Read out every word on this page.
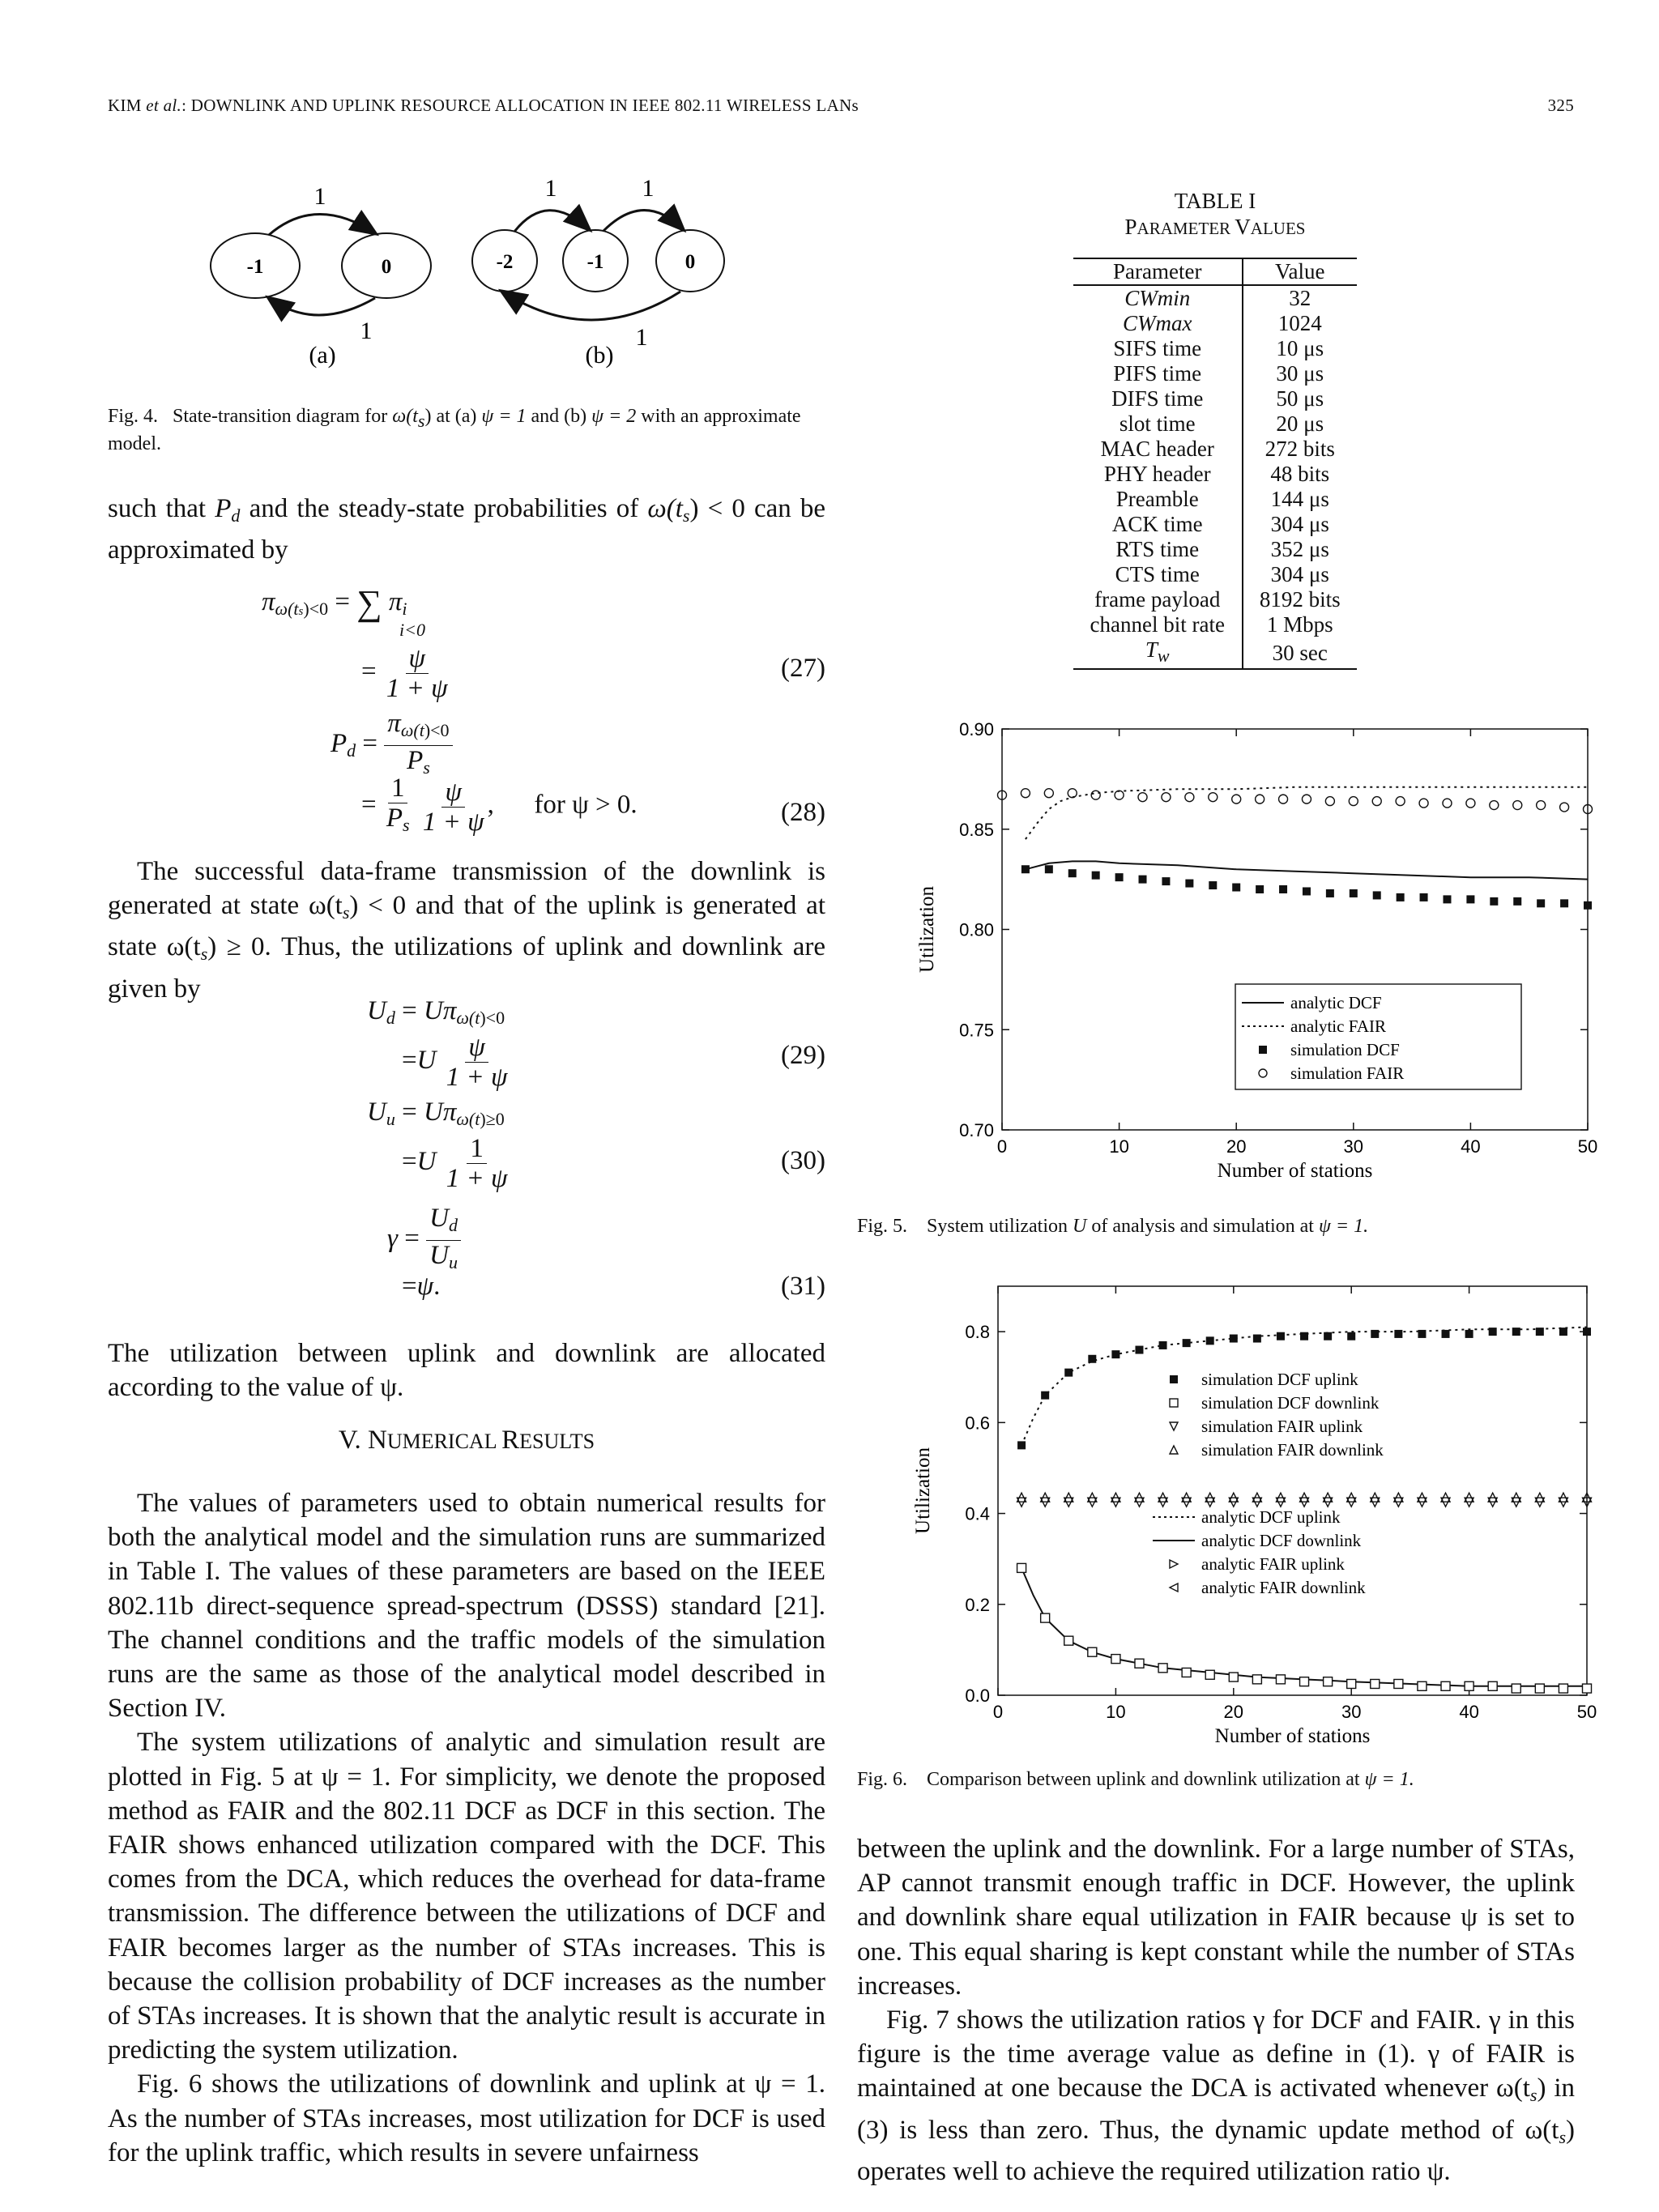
KIM et al.: DOWNLINK AND UPLINK RESOURCE ALLOCATION IN IEEE 802.11 WIRELESS LANs	325
-1	0
1
1
(a)
-2	-1	0
1	1
1
(b)
Fig. 4. State-transition diagram for ω(ts) at (a) ψ = 1 and (b) ψ = 2 with an approximate model.

such that $P_d$ and the steady-state probabilities of $\omega(t_s) < 0$ can be approximated by

$\pi_{\omega(ts)<0}$ = ∑ $\pi_i$
i<0
= $\frac{\psi}{1 + \psi}$	(27)
$P_d = \frac{\pi_{\omega(t)<0}}{P_s}$
= $\frac{1}{P_s}$
$\frac{\psi}{1 + \psi}$ , for ψ > 0.	(28)

The successful data-frame transmission of the downlink is generated at state $\omega(t_s) < 0$ and that of the uplink is generated at state $\omega(t_s) \ge 0$. Thus, the utilizations of uplink and downlink are given by

$U_d = U\pi_{\omega(t)<0}$
$=U \frac{\psi}{1 + \psi}$	(29)
$U_u = U\pi_{\omega(t)\ge 0}$
$=U \frac{1}{1 + \psi}$	(30)
$\gamma = \frac{U_d}{U_u}$
=ψ.	(31)

The utilization between uplink and downlink are allocated according to the value of ψ.

V. NUMERICAL RESULTS

The values of parameters used to obtain numerical results for both the analytical model and the simulation runs are summarized in Table I. The values of these parameters are based on the IEEE 802.11b direct-sequence spread-spectrum (DSSS) standard [21]. The channel conditions and the traffic models of the simulation runs are the same as those of the analytical model described in Section IV.

The system utilizations of analytic and simulation result are plotted in Fig. 5 at ψ = 1. For simplicity, we denote the proposed method as FAIR and the 802.11 DCF as DCF in this section. The FAIR shows enhanced utilization compared with the DCF. This comes from the DCA, which reduces the overhead for data-frame transmission. The difference between the utilizations of DCF and FAIR becomes larger as the number of STAs increases. This is because the collision probability of DCF increases as the number of STAs increases. It is shown that the analytic result is accurate in predicting the system utilization.

Fig. 6 shows the utilizations of downlink and uplink at ψ = 1. As the number of STAs increases, most utilization for DCF is used for the uplink traffic, which results in severe unfairness

TABLE I
PARAMETER VALUES
Parameter	Value
CWmin	32
CWmax	1024
SIFS time	10 μs
PIFS time	30 μs
DIFS time	50 μs
slot time	20 μs
MAC header	272 bits
PHY header	48 bits
Preamble	144 μs
ACK time	304 μs
RTS time	352 μs
CTS time	304 μs
frame payload	8192 bits
channel bit rate	1 Mbps
$T_w$	30 sec
0	10	20	30	40	50
0.70
0.75
0.80
0.85
0.90
Number of stations
Utilization
analytic DCF
analytic FAIR
simulation DCF
simulation FAIR
Fig. 5. System utilization U of analysis and simulation at ψ = 1.
0	10	20	30	40	50
0.0
0.2
0.4
0.6
0.8
Number of stations
Utilization
simulation DCF uplink
simulation DCF downlink
simulation FAIR uplink
simulation FAIR downlink
analytic DCF uplink
analytic DCF downlink
analytic FAIR uplink
analytic FAIR downlink
Fig. 6. Comparison between uplink and downlink utilization at ψ = 1.

between the uplink and the downlink. For a large number of STAs, AP cannot transmit enough traffic in DCF. However, the uplink and downlink share equal utilization in FAIR because ψ is set to one. This equal sharing is kept constant while the number of STAs increases.

Fig. 7 shows the utilization ratios γ for DCF and FAIR. γ in this figure is the time average value as define in (1). γ of FAIR is maintained at one because the DCA is activated whenever $\omega(t_s)$ in (3) is less than zero. Thus, the dynamic update method of $\omega(t_s)$ operates well to achieve the required utilization ratio ψ.
